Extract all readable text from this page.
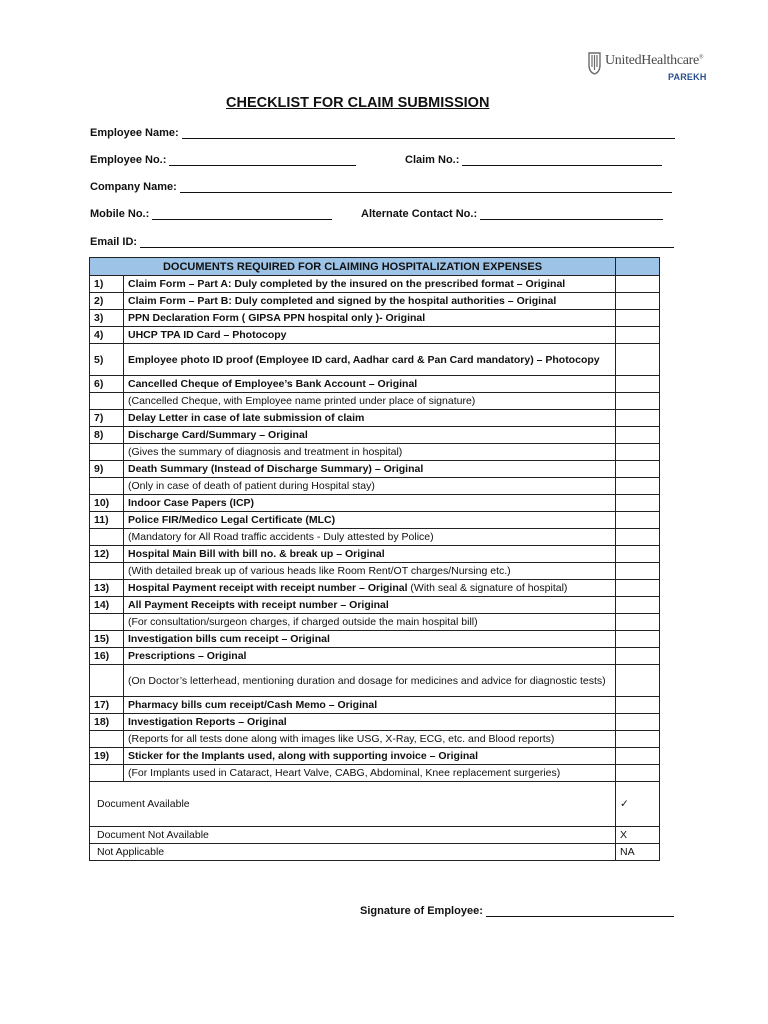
UnitedHealthcare®
PAREKH
CHECKLIST FOR CLAIM SUBMISSION
Employee Name:
Employee No.:	Claim No.:
Company Name:
Mobile No.:	Alternate Contact No.:
Email ID:
DOCUMENTS REQUIRED FOR CLAIMING HOSPITALIZATION EXPENSES		
1)	Claim Form – Part A: Duly completed by the insured on the prescribed format – Original	
2)	Claim Form – Part B: Duly completed and signed by the hospital authorities – Original	
3)	PPN Declaration Form ( GIPSA PPN hospital only )- Original	
4)	UHCP TPA ID Card – Photocopy	
5)	Employee photo ID proof (Employee ID card, Aadhar card & Pan Card mandatory) – Photocopy	
6)	Cancelled Cheque of Employee’s Bank Account – Original	
	(Cancelled Cheque, with Employee name printed under place of signature)	
7)	Delay Letter in case of late submission of claim	
8)	Discharge Card/Summary – Original	
	(Gives the summary of diagnosis and treatment in hospital)	
9)	Death Summary (Instead of Discharge Summary) – Original	
	(Only in case of death of patient during Hospital stay)	
10)	Indoor Case Papers (ICP)	
11)	Police FIR/Medico Legal Certificate (MLC)	
	(Mandatory for All Road traffic accidents - Duly attested by Police)	
12)	Hospital Main Bill with bill no. & break up – Original	
	(With detailed break up of various heads like Room Rent/OT charges/Nursing etc.)	
13)	Hospital Payment receipt with receipt number – Original (With seal & signature of hospital)	
14)	All Payment Receipts with receipt number – Original	
	(For consultation/surgeon charges, if charged outside the main hospital bill)	
15)	Investigation bills cum receipt – Original	
16)	Prescriptions – Original	
	(On Doctor’s letterhead, mentioning duration and dosage for medicines and advice for diagnostic tests)	
17)	Pharmacy bills cum receipt/Cash Memo – Original	
18)	Investigation Reports – Original	
	(Reports for all tests done along with images like USG, X-Ray, ECG, etc. and Blood reports)	
19)	Sticker for the Implants used, along with supporting invoice – Original	
	(For Implants used in Cataract, Heart Valve, CABG, Abdominal, Knee replacement surgeries)	
Document Available		✓
Document Not Available		X
Not Applicable		NA
Signature of Employee:
